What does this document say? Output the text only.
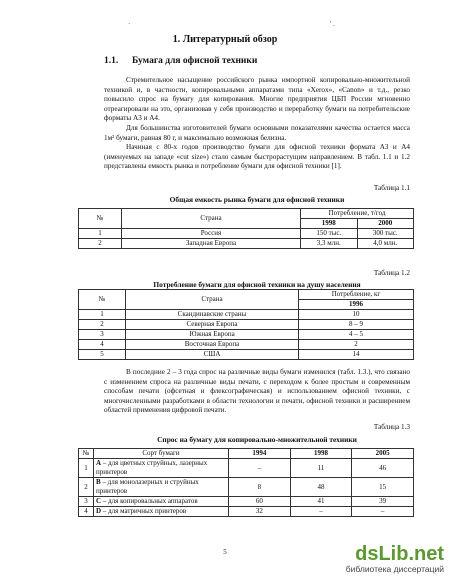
·	' .
1. Литературный обзор
1.1. Бумага для офисной техники

Стремительное насыщение российского рынка импортной копировально-множительной техникой и, в частности, копировальными аппаратами типа «Xerox», «Canon» и т.д., резко повысило спрос на бумагу для копирования. Многие предприятия ЦБП России мгновенно отреагировали на это, организовав у себя производство и переработку бумаги на потребительские форматы А3 и А4.

Для большинства изготовителей бумаги основными показателями качества остается масса 1м² бумаги, равная 80 г, и максимально возможная белизна.

Начиная с 80-х годов производство бумаги для офисной техники формата А3 и А4 (именуемых на западе «cut size») стало самым быстрорастущим направлением. В табл. 1.1 и 1.2 представлены емкость рынка и потребление бумаги для офисной техники [1].

Таблица 1.1
Общая емкость рынка бумаги для офисной техники
№	Страна	Потребление, т/год	
		1998	2000
1	Россия	150 тыс.	300 тыс.
2	Западная Европа	3,3 млн.	4,0 млн.
Таблица 1.2
Потребление бумаги для офисной техники на душу населения
№	Страна	Потребление, кг
		1996
1	Скандинавские страны	10
2	Северная Европа	8 – 9
3	Южная Европа	4 – 5
4	Восточная Европа	2
5	США	14

В последние 2 – 3 года спрос на различные виды бумаги изменился (табл. 1.3.), что связано с изменением спроса на различные виды печати, с переходом к более простым и современным способам печати (офсетная и флексографическая) и использованием офисной техники, с многочисленными разработками в области технологии и печати, офисной техники и расширением областей применения цифровой печати.

Таблица 1.3
Спрос на бумагу для копировально-множительной техники
№	Сорт бумаги	1994	1998	2005
1	А – для цветных струйных, лазерных принтеров	–	11	46
2	В – для монолазерных и струйных принтеров	8	48	15
3	С – для копировальных аппаратов	60	41	39
4	D – для матричных принтеров	32	–	–
5	dsLib.net
библиотека диссертаций
